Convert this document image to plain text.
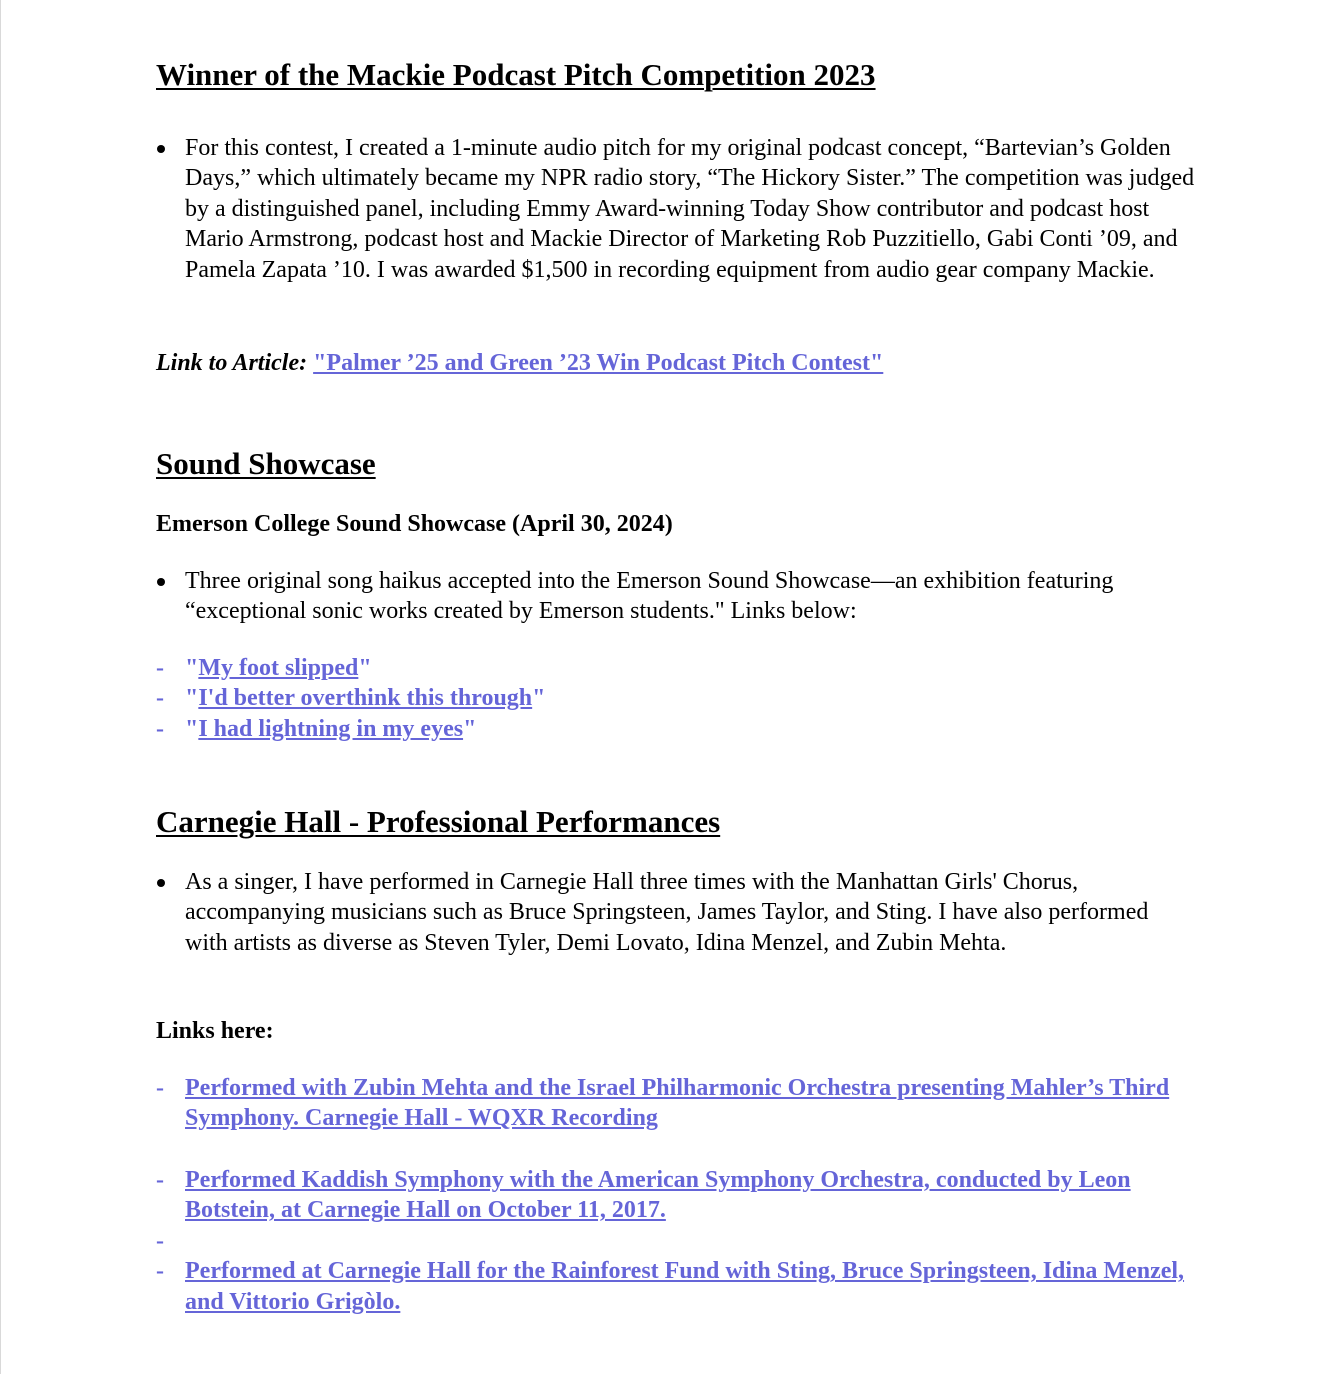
Winner of the Mackie Podcast Pitch Competition 2023
For this contest, I created a 1-minute audio pitch for my original podcast concept, “Bartevian’s Golden Days,” which ultimately became my NPR radio story, “The Hickory Sister.” The competition was judged by a distinguished panel, including Emmy Award-winning Today Show contributor and podcast host Mario Armstrong, podcast host and Mackie Director of Marketing Rob Puzzitiello, Gabi Conti ’09, and Pamela Zapata ’10. I was awarded $1,500 in recording equipment from audio gear company Mackie.

Link to Article: "Palmer ’25 and Green ’23 Win Podcast Pitch Contest"

Sound Showcase

Emerson College Sound Showcase (April 30, 2024)

Three original song haikus accepted into the Emerson Sound Showcase—an exhibition featuring “exceptional sonic works created by Emerson students." Links below:
- "My foot slipped"
- "I'd better overthink this through"
- "I had lightning in my eyes"
Carnegie Hall - Professional Performances
As a singer, I have performed in Carnegie Hall three times with the Manhattan Girls' Chorus, accompanying musicians such as Bruce Springsteen, James Taylor, and Sting. I have also performed with artists as diverse as Steven Tyler, Demi Lovato, Idina Menzel, and Zubin Mehta.

Links here:

- Performed with Zubin Mehta and the Israel Philharmonic Orchestra presenting Mahler’s Third Symphony. Carnegie Hall - WQXR Recording
- Performed Kaddish Symphony with the American Symphony Orchestra, conducted by Leon Botstein, at Carnegie Hall on October 11, 2017.
-
- Performed at Carnegie Hall for the Rainforest Fund with Sting, Bruce Springsteen, Idina Menzel, and Vittorio Grigòlo.
